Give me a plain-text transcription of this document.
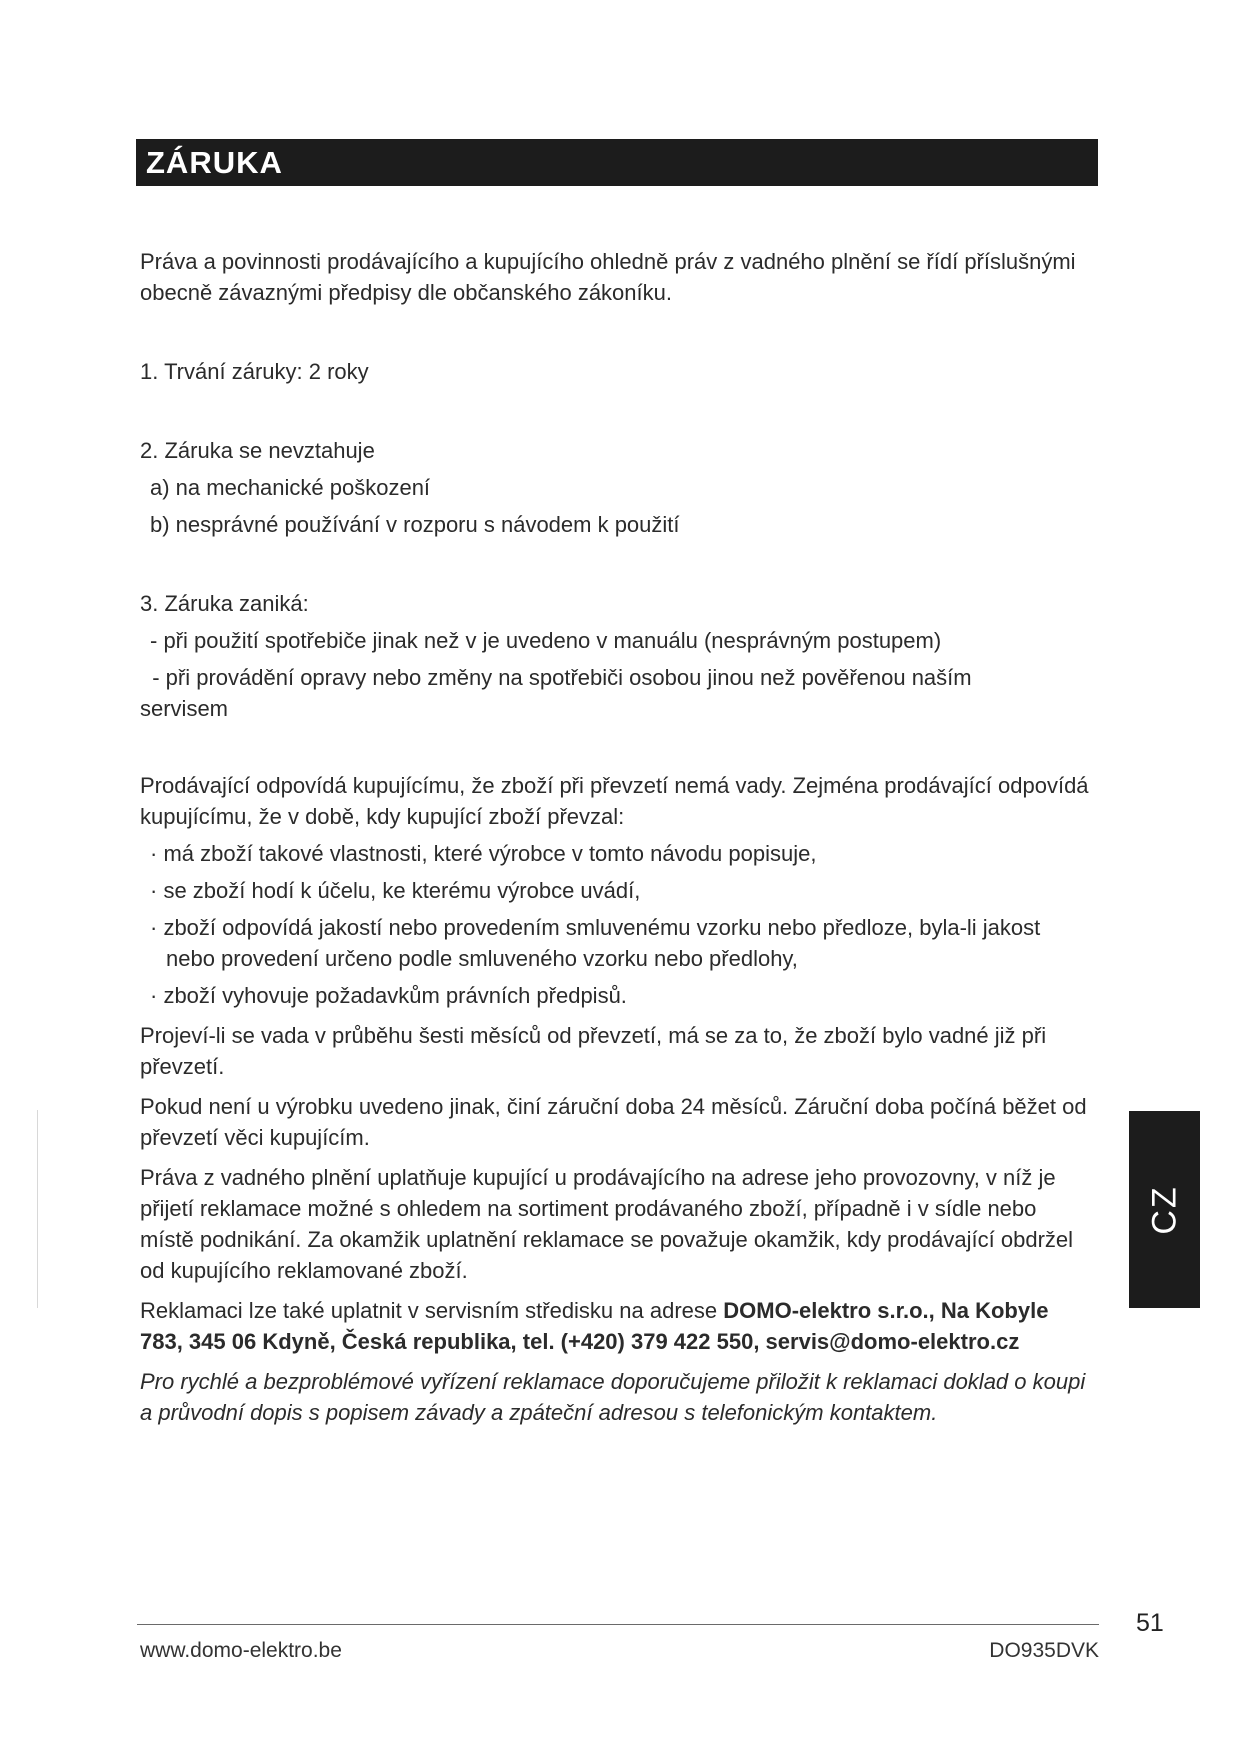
ZÁRUKA

Práva a povinnosti prodávajícího a kupujícího ohledně práv z vadného plnění se řídí příslušnými obecně závaznými předpisy dle občanského zákoníku.

1. Trvání záruky: 2 roky

2. Záruka se nevztahuje

a) na mechanické poškození

b) nesprávné používání v rozporu s návodem k použití

3. Záruka zaniká:

- při použití spotřebiče jinak než v je uvedeno v manuálu (nesprávným postupem)

- při provádění opravy nebo změny na spotřebiči osobou jinou než pověřenou naším
servisem

Prodávající odpovídá kupujícímu, že zboží při převzetí nemá vady. Zejména prodávající odpovídá kupujícímu, že v době, kdy kupující zboží převzal:

· má zboží takové vlastnosti, které výrobce v tomto návodu popisuje,

· se zboží hodí k účelu, ke kterému výrobce uvádí,

· zboží odpovídá jakostí nebo provedením smluvenému vzorku nebo předloze, byla-li jakost nebo provedení určeno podle smluveného vzorku nebo předlohy,

· zboží vyhovuje požadavkům právních předpisů.

Projeví-li se vada v průběhu šesti měsíců od převzetí, má se za to, že zboží bylo vadné již při převzetí.

Pokud není u výrobku uvedeno jinak, činí záruční doba 24 měsíců. Záruční doba počíná běžet od převzetí věci kupujícím.

Práva z vadného plnění uplatňuje kupující u prodávajícího na adrese jeho provozovny, v níž je přijetí reklamace možné s ohledem na sortiment prodávaného zboží, případně i v sídle nebo místě podnikání. Za okamžik uplatnění reklamace se považuje okamžik, kdy prodávající obdržel od kupujícího reklamované zboží.

Reklamaci lze také uplatnit v servisním středisku na adrese DOMO-elektro s.r.o., Na Kobyle 783, 345 06 Kdyně, Česká republika, tel. (+420) 379 422 550, servis@domo-elektro.cz

Pro rychlé a bezproblémové vyřízení reklamace doporučujeme přiložit k reklamaci doklad o koupi a průvodní dopis s popisem závady a zpáteční adresou s telefonickým kontaktem.

CZ
51
www.domo-elektro.be	DO935DVK
